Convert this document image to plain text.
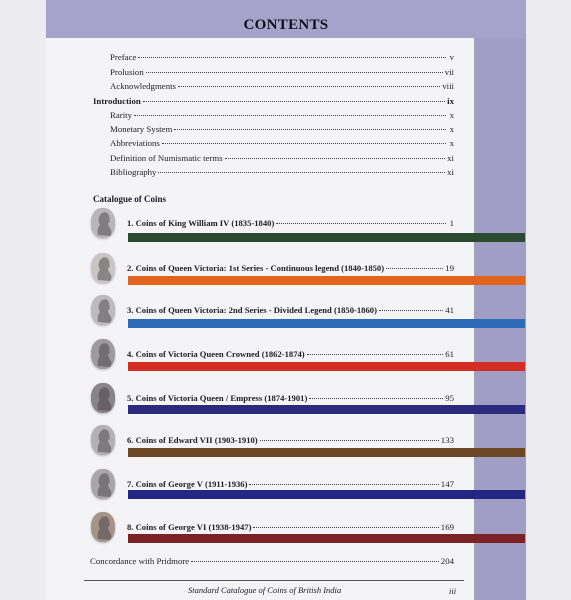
CONTENTS
Preface	v
Prolusion	vii
Acknowledgments	viii
Introduction	ix
Rarity	x
Monetary System	x
Abbreviations	x
Definition of Numismatic terms	xi
Bibliography	xi
Catalogue of Coins
1. Coins of King William IV (1835-1840)	1
2. Coins of Queen Victoria: 1st Series - Continuous legend (1840-1850)	19
3. Coins of Queen Victoria: 2nd Series - Divided Legend (1850-1860)	41
4. Coins of Victoria Queen Crowned (1862-1874)	61
5. Coins of Victoria Queen / Empress (1874-1901)	95
6. Coins of Edward VII (1903-1910)	133
7. Coins of George V (1911-1936)	147
8. Coins of George VI (1938-1947)	169
Concordance with Pridmore	204
Standard Catalogue of Coins of British India	iii
